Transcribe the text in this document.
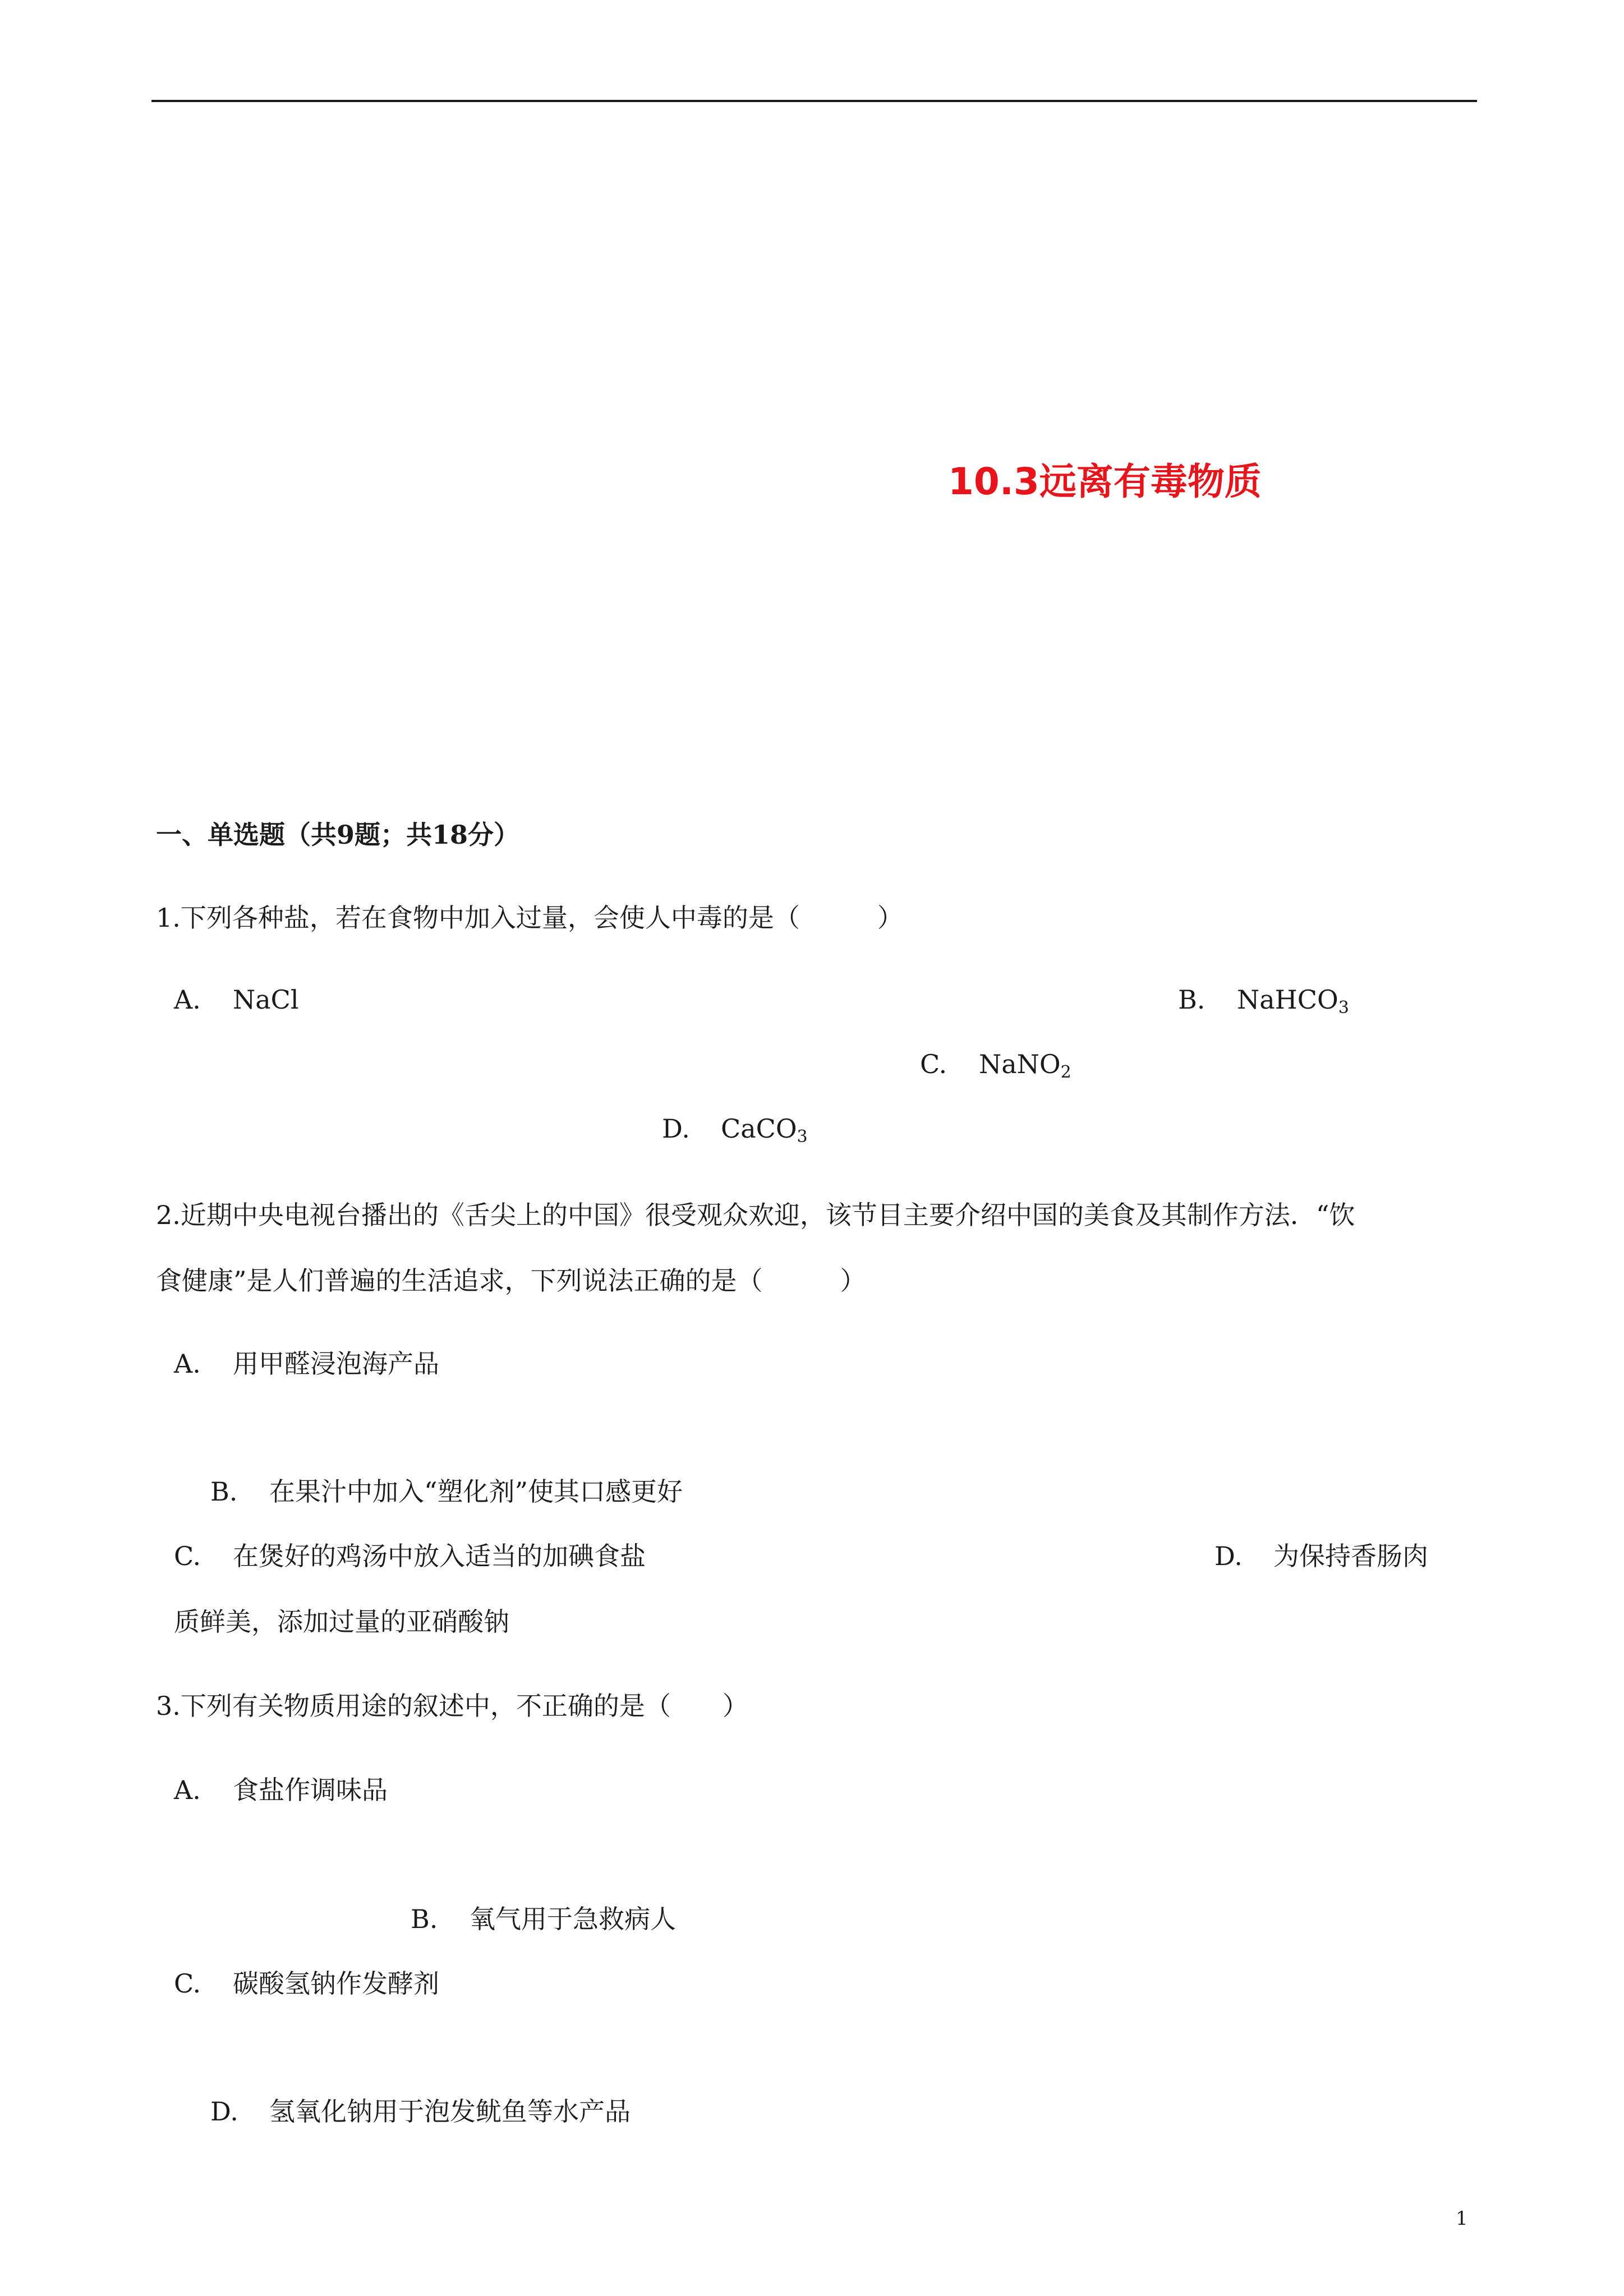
10.3远离有毒物质
一、单选题（共9题；共18分）
1.下列各种盐，若在食物中加入过量，会使人中毒的是（　　　）
A. NaCl	B. NaHCO$_3$
C. NaNO$_2$
D. CaCO$_3$
2.近期中央电视台播出的《舌尖上的中国》很受观众欢迎，该节目主要介绍中国的美食及其制作方法．“饮
食健康”是人们普遍的生活追求，下列说法正确的是（　　　）
A. 用甲醛浸泡海产品
B. 在果汁中加入“塑化剂”使其口感更好
C. 在煲好的鸡汤中放入适当的加碘食盐	D. 为保持香肠肉
质鲜美，添加过量的亚硝酸钠
3.下列有关物质用途的叙述中，不正确的是（　　）
A. 食盐作调味品
B. 氧气用于急救病人
C. 碳酸氢钠作发酵剂
D. 氢氧化钠用于泡发鱿鱼等水产品
1
